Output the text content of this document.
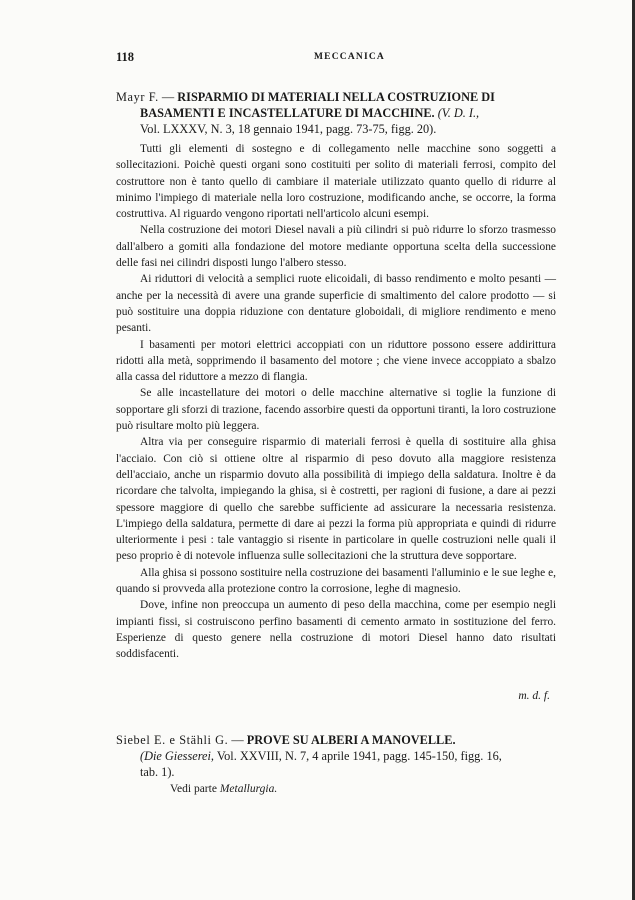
118	MECCANICA
Mayr F. — RISPARMIO DI MATERIALI NELLA COSTRUZIONE DI
BASAMENTI E INCASTELLATURE DI MACCHINE. (V. D. I.,
Vol. LXXXV, N. 3, 18 gennaio 1941, pagg. 73-75, figg. 20).

Tutti gli elementi di sostegno e di collegamento nelle macchine sono soggetti a sollecitazioni. Poichè questi organi sono costituiti per solito di materiali ferrosi, compito del costruttore non è tanto quello di cambiare il materiale utilizzato quanto quello di ridurre al minimo l'impiego di materiale nella loro costruzione, modificando anche, se occorre, la forma costruttiva. Al riguardo vengono riportati nell'articolo alcuni esempi.

Nella costruzione dei motori Diesel navali a più cilindri si può ridurre lo sforzo trasmesso dall'albero a gomiti alla fondazione del motore mediante opportuna scelta della successione delle fasi nei cilindri disposti lungo l'albero stesso.

Ai riduttori di velocità a semplici ruote elicoidali, di basso rendimento e molto pesanti — anche per la necessità di avere una grande superficie di smaltimento del calore prodotto — si può sostituire una doppia riduzione con dentature globoidali, di migliore rendimento e meno pesanti.

I basamenti per motori elettrici accoppiati con un riduttore possono essere addirittura ridotti alla metà, sopprimendo il basamento del motore ; che viene invece accoppiato a sbalzo alla cassa del riduttore a mezzo di flangia.

Se alle incastellature dei motori o delle macchine alternative si toglie la funzione di sopportare gli sforzi di trazione, facendo assorbire questi da opportuni tiranti, la loro costruzione può risultare molto più leggera.

Altra via per conseguire risparmio di materiali ferrosi è quella di sostituire alla ghisa l'acciaio. Con ciò si ottiene oltre al risparmio di peso dovuto alla maggiore resistenza dell'acciaio, anche un risparmio dovuto alla possibilità di impiego della saldatura. Inoltre è da ricordare che talvolta, impiegando la ghisa, si è costretti, per ragioni di fusione, a dare ai pezzi spessore maggiore di quello che sarebbe sufficiente ad assicurare la necessaria resistenza. L'impiego della saldatura, permette di dare ai pezzi la forma più appropriata e quindi di ridurre ulteriormente i pesi : tale vantaggio si risente in particolare in quelle costruzioni nelle quali il peso proprio è di notevole influenza sulle sollecitazioni che la struttura deve sopportare.

Alla ghisa si possono sostituire nella costruzione dei basamenti l'alluminio e le sue leghe e, quando si provveda alla protezione contro la corrosione, leghe di magnesio.

Dove, infine non preoccupa un aumento di peso della macchina, come per esempio negli impianti fissi, si costruiscono perfino basamenti di cemento armato in sostituzione del ferro. Esperienze di questo genere nella costruzione di motori Diesel hanno dato risultati soddisfacenti.

m. d. f.
Siebel E. e Stähli G. — PROVE SU ALBERI A MANOVELLE.
(Die Giesserei, Vol. XXVIII, N. 7, 4 aprile 1941, pagg. 145-150, figg. 16,
tab. 1).
Vedi parte Metallurgia.
